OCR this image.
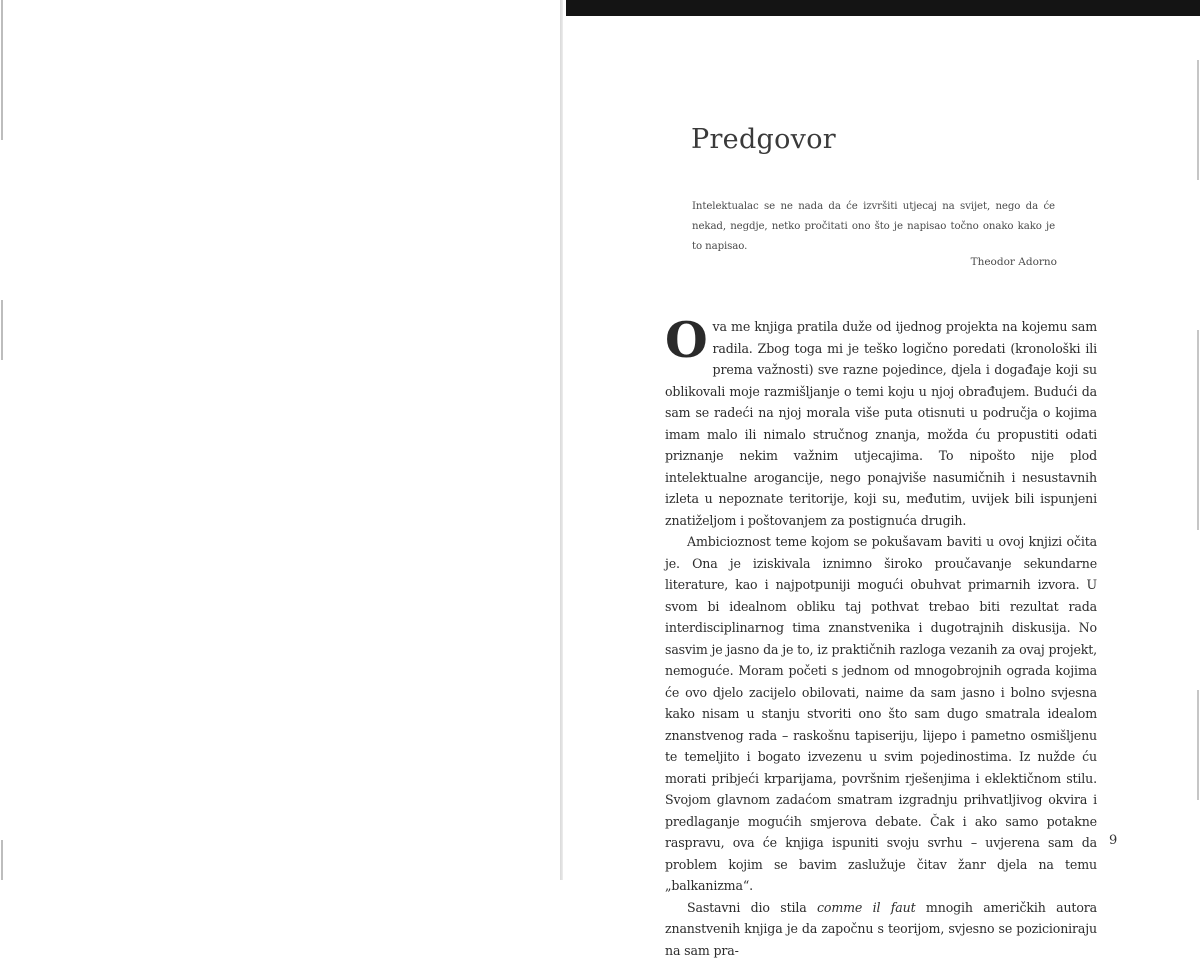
Predgovor
Intelektualac se ne nada da će izvršiti utjecaj na svijet, nego da će nekad, negdje, netko pročitati ono što je napisao točno onako kako je to napisao.
Theodor Adorno

Ova me knjiga pratila duže od ijednog projekta na kojemu sam radila. Zbog toga mi je teško logično poredati (kronološki ili prema važnosti) sve razne pojedince, djela i događaje koji su oblikovali moje razmišljanje o temi koju u njoj obrađujem. Budući da sam se radeći na njoj morala više puta otisnuti u područja o kojima imam malo ili nimalo stručnog znanja, možda ću propustiti odati priznanje nekim važnim utjecajima. To nipošto nije plod intelektualne arogancije, nego ponajviše nasumičnih i nesustavnih izleta u nepoznate teritorije, koji su, međutim, uvijek bili ispunjeni znatiželjom i poštovanjem za postignuća drugih.

Ambicioznost teme kojom se pokušavam baviti u ovoj knjizi očita je. Ona je iziskivala iznimno široko proučavanje sekundarne literature, kao i najpotpuniji mogući obuhvat primarnih izvora. U svom bi idealnom obliku taj pothvat trebao biti rezultat rada interdisciplinarnog tima znanstvenika i dugotrajnih diskusija. No sasvim je jasno da je to, iz praktičnih razloga vezanih za ovaj projekt, nemoguće. Moram početi s jednom od mnogobrojnih ograda kojima će ovo djelo zacijelo obilovati, naime da sam jasno i bolno svjesna kako nisam u stanju stvoriti ono što sam dugo smatrala idealom znanstvenog rada – raskošnu tapiseriju, lijepo i pametno osmišljenu te temeljito i bogato izvezenu u svim pojedinostima. Iz nužde ću morati pribjeći krparijama, površnim rješenjima i eklektičnom stilu. Svojom glavnom zadaćom smatram izgradnju prihvatljivog okvira i predlaganje mogućih smjerova debate. Čak i ako samo potakne raspravu, ova će knjiga ispuniti svoju svrhu – uvjerena sam da problem kojim se bavim zaslužuje čitav žanr djela na temu „balkanizma“.

Sastavni dio stila comme il faut mnogih američkih autora znanstvenih knjiga je da započnu s teorijom, svjesno se pozicioniraju na sam pra-

9
